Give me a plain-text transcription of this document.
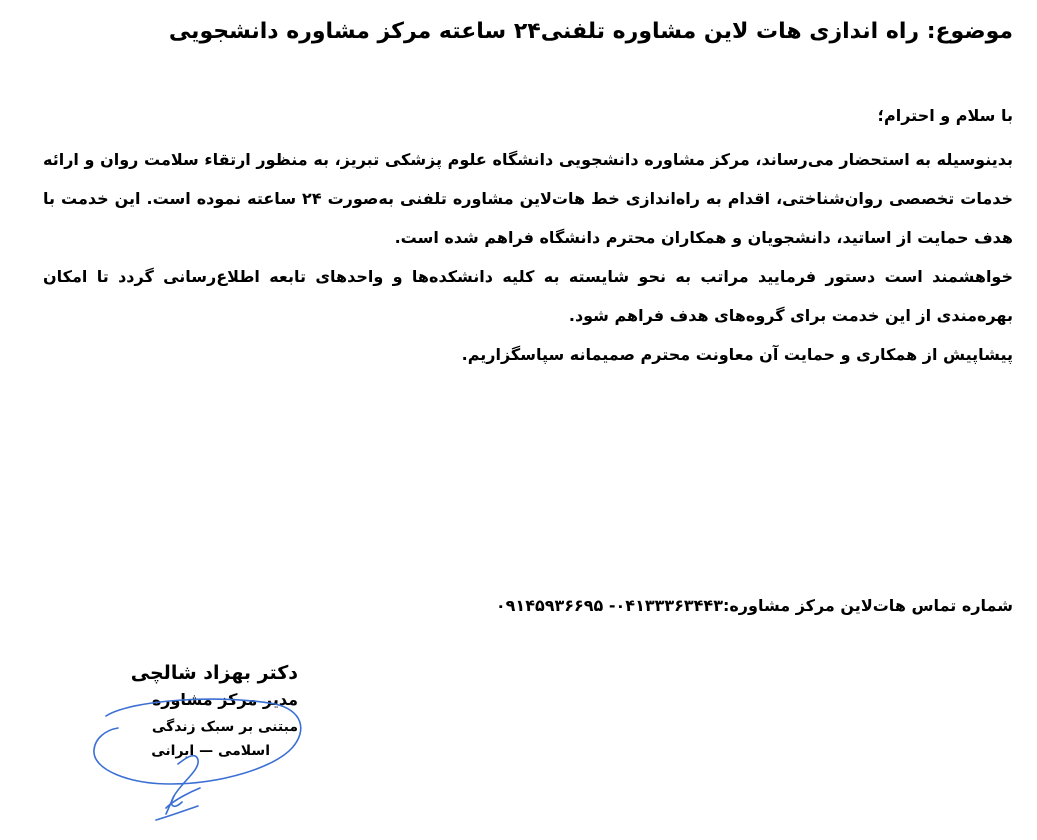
موضوع: راه اندازی هات لاین مشاوره تلفنی۲۴ ساعته مرکز مشاوره دانشجویی

با سلام و احترام؛

بدینوسیله به استحضار می‌رساند، مرکز مشاوره دانشجویی دانشگاه علوم پزشکی تبریز، به منظور ارتقاء سلامت روان و ارائه خدمات تخصصی روان‌شناختی، اقدام به راه‌اندازی خط هات‌لاین مشاوره تلفنی به‌صورت ۲۴ ساعته نموده است. این خدمت با هدف حمایت از اساتید، دانشجویان و همکاران محترم دانشگاه فراهم شده است.

خواهشمند است دستور فرمایید مراتب به نحو شایسته به کلیه دانشکده‌ها و واحدهای تابعه اطلاع‌رسانی گردد تا امکان بهره‌مندی از این خدمت برای گروه‌های هدف فراهم شود.

پیشاپیش از همکاری و حمایت آن معاونت محترم صمیمانه سپاسگزاریم.

شماره تماس هات‌لاین مرکز مشاوره:۰۴۱۳۳۳۶۳۴۴۳- ۰۹۱۴۵۹۳۶۶۹۵
دکتر بهزاد شالچی
مدیر مرکز مشاوره
مبتنی بر سبک زندگی
اسلامی — ایرانی
